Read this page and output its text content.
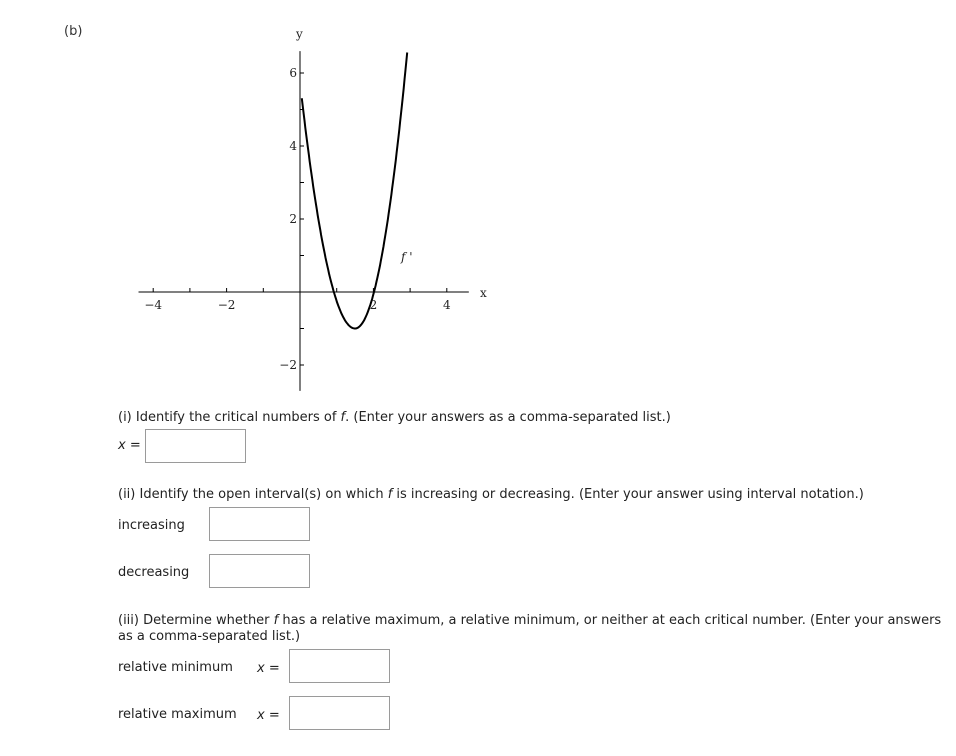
(b)
−4	−2	2	4
−2
2
4
6
x
y
f '
(i) Identify the critical numbers of f. (Enter your answers as a comma-separated list.)
x =
(ii) Identify the open interval(s) on which f is increasing or decreasing. (Enter your answer using interval notation.)
increasing
decreasing
(iii) Determine whether f has a relative maximum, a relative minimum, or neither at each critical number. (Enter your answers
as a comma-separated list.)
relative minimum x =
relative maximum x =
